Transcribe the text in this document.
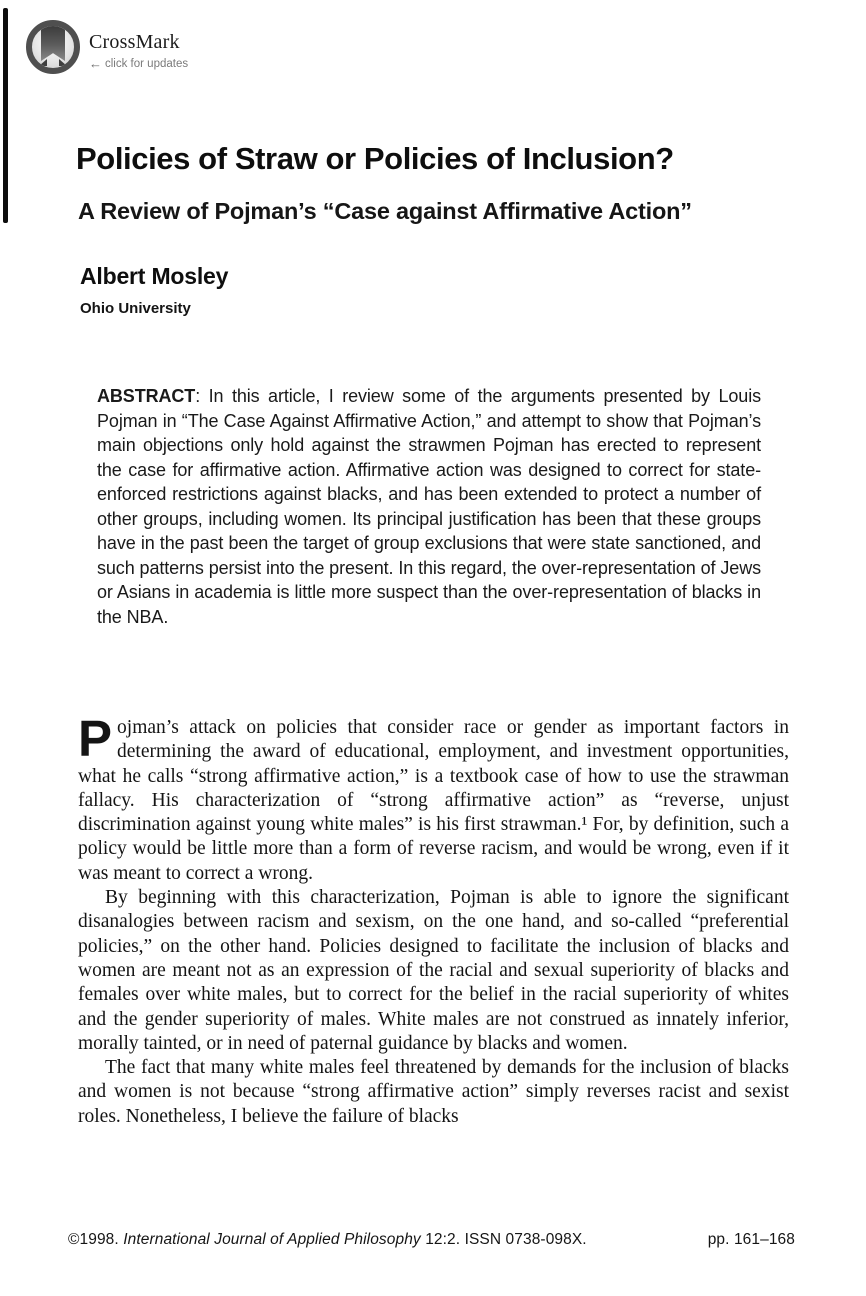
CrossMark
← click for updates
Policies of Straw or Policies of Inclusion?
A Review of Pojman’s “Case against Affirmative Action”
Albert Mosley
Ohio University
ABSTRACT: In this article, I review some of the arguments presented by Louis Pojman in “The Case Against Affirmative Action,” and attempt to show that Pojman’s main objections only hold against the strawmen Pojman has erected to represent the case for affirmative action. Affirmative action was designed to correct for state-enforced restrictions against blacks, and has been extended to protect a number of other groups, including women. Its principal justification has been that these groups have in the past been the target of group exclusions that were state sanctioned, and such patterns persist into the present. In this regard, the over-representation of Jews or Asians in academia is little more suspect than the over-representation of blacks in the NBA.

Pojman’s attack on policies that consider race or gender as important factors in determining the award of educational, employment, and investment opportunities, what he calls “strong affirmative action,” is a textbook case of how to use the strawman fallacy. His characterization of “strong affirmative action” as “reverse, unjust discrimination against young white males” is his first strawman.¹ For, by definition, such a policy would be little more than a form of reverse racism, and would be wrong, even if it was meant to correct a wrong.

By beginning with this characterization, Pojman is able to ignore the significant disanalogies between racism and sexism, on the one hand, and so-called “preferential policies,” on the other hand. Policies designed to facilitate the inclusion of blacks and women are meant not as an expression of the racial and sexual superiority of blacks and females over white males, but to correct for the belief in the racial superiority of whites and the gender superiority of males. White males are not construed as innately inferior, morally tainted, or in need of paternal guidance by blacks and women.

The fact that many white males feel threatened by demands for the inclusion of blacks and women is not because “strong affirmative action” simply reverses racist and sexist roles. Nonetheless, I believe the failure of blacks

©1998. International Journal of Applied Philosophy 12:2. ISSN 0738-098X.	pp. 161–168
